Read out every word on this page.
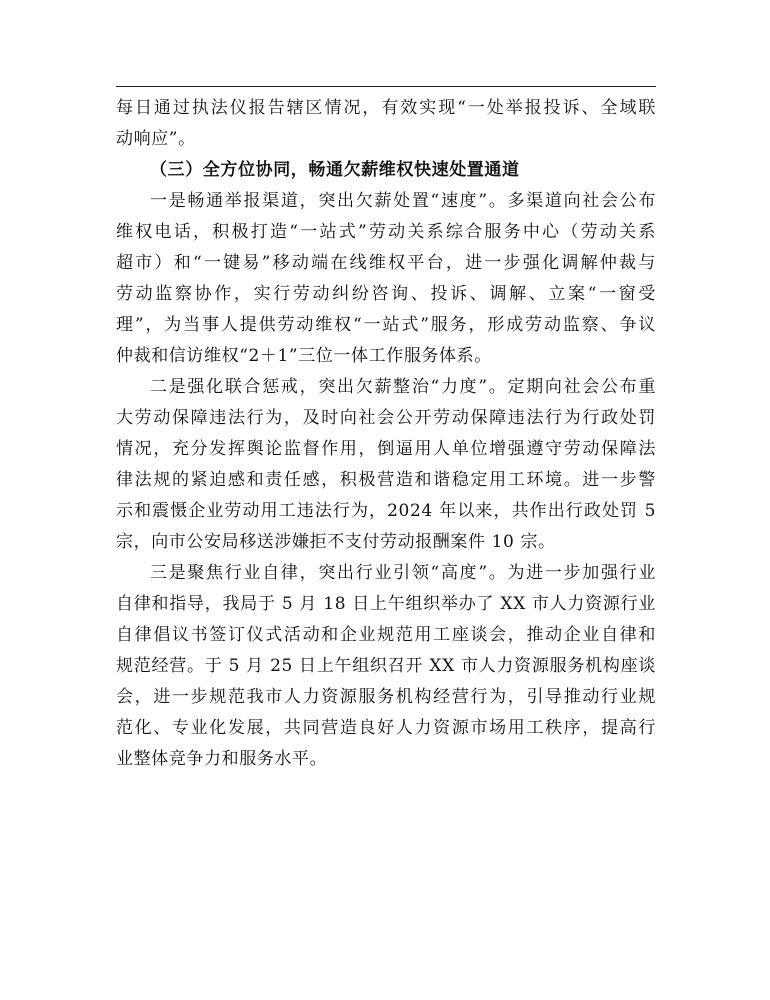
每日通过执法仪报告辖区情况，有效实现“一处举报投诉、全域联
动响应”。
（三）全方位协同，畅通欠薪维权快速处置通道
一是畅通举报渠道，突出欠薪处置“速度”。多渠道向社会公布
维权电话，积极打造“一站式”劳动关系综合服务中心（劳动关系
超市）和“一键易”移动端在线维权平台，进一步强化调解仲裁与
劳动监察协作，实行劳动纠纷咨询、投诉、调解、立案“一窗受
理”，为当事人提供劳动维权“一站式”服务，形成劳动监察、争议
仲裁和信访维权“2＋1”三位一体工作服务体系。
二是强化联合惩戒，突出欠薪整治“力度”。定期向社会公布重
大劳动保障违法行为，及时向社会公开劳动保障违法行为行政处罚
情况，充分发挥舆论监督作用，倒逼用人单位增强遵守劳动保障法
律法规的紧迫感和责任感，积极营造和谐稳定用工环境。进一步警
示和震慑企业劳动用工违法行为，2024 年以来，共作出行政处罚 5
宗，向市公安局移送涉嫌拒不支付劳动报酬案件 10 宗。
三是聚焦行业自律，突出行业引领“高度”。为进一步加强行业
自律和指导，我局于 5 月 18 日上午组织举办了 XX 市人力资源行业
自律倡议书签订仪式活动和企业规范用工座谈会，推动企业自律和
规范经营。于 5 月 25 日上午组织召开 XX 市人力资源服务机构座谈
会，进一步规范我市人力资源服务机构经营行为，引导推动行业规
范化、专业化发展，共同营造良好人力资源市场用工秩序，提高行
业整体竞争力和服务水平。
